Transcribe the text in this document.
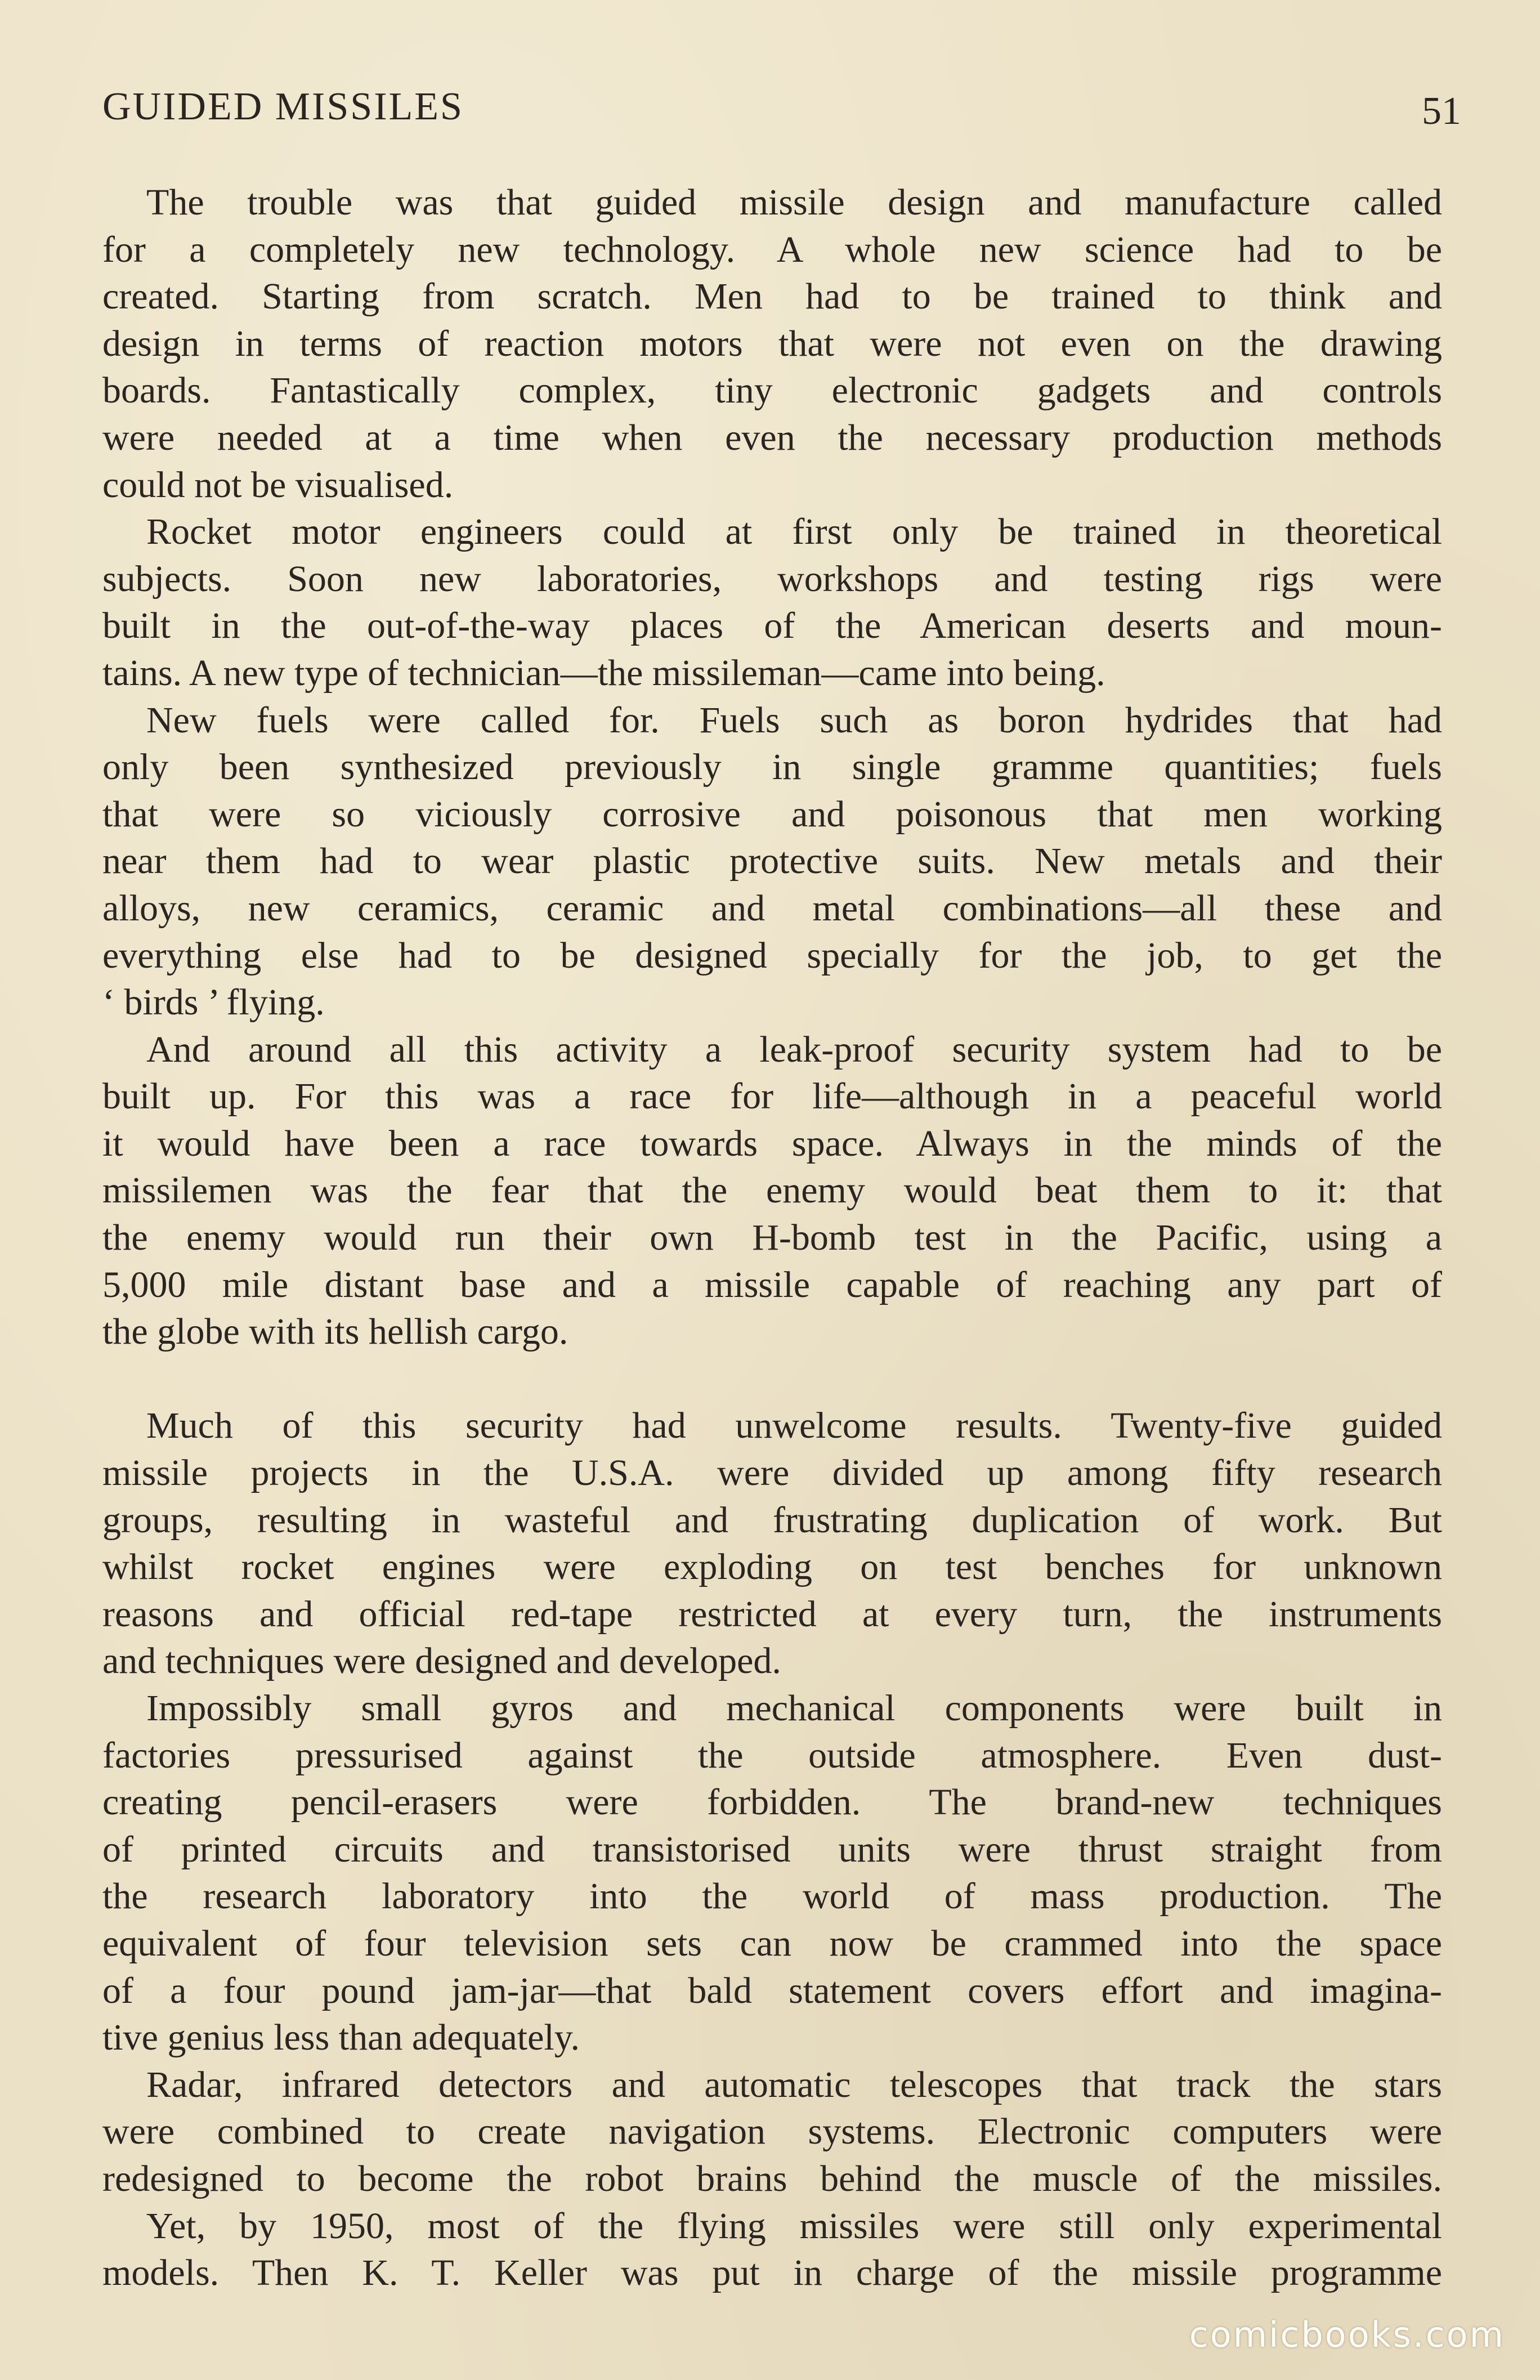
GUIDED MISSILES	51
The trouble was that guided missile design and manufacture called
for a completely new technology. A whole new science had to be
created. Starting from scratch. Men had to be trained to think and
design in terms of reaction motors that were not even on the drawing
boards. Fantastically complex, tiny electronic gadgets and controls
were needed at a time when even the necessary production methods
could not be visualised.
Rocket motor engineers could at first only be trained in theoretical
subjects. Soon new laboratories, workshops and testing rigs were
built in the out-of-the-way places of the American deserts and moun-
tains. A new type of technician—the missileman—came into being.
New fuels were called for. Fuels such as boron hydrides that had
only been synthesized previously in single gramme quantities; fuels
that were so viciously corrosive and poisonous that men working
near them had to wear plastic protective suits. New metals and their
alloys, new ceramics, ceramic and metal combinations—all these and
everything else had to be designed specially for the job, to get the
‘ birds ’ flying.
And around all this activity a leak-proof security system had to be
built up. For this was a race for life—although in a peaceful world
it would have been a race towards space. Always in the minds of the
missilemen was the fear that the enemy would beat them to it: that
the enemy would run their own H-bomb test in the Pacific, using a
5,000 mile distant base and a missile capable of reaching any part of
the globe with its hellish cargo.
Much of this security had unwelcome results. Twenty-five guided
missile projects in the U.S.A. were divided up among fifty research
groups, resulting in wasteful and frustrating duplication of work. But
whilst rocket engines were exploding on test benches for unknown
reasons and official red-tape restricted at every turn, the instruments
and techniques were designed and developed.
Impossibly small gyros and mechanical components were built in
factories pressurised against the outside atmosphere. Even dust-
creating pencil-erasers were forbidden. The brand-new techniques
of printed circuits and transistorised units were thrust straight from
the research laboratory into the world of mass production. The
equivalent of four television sets can now be crammed into the space
of a four pound jam-jar—that bald statement covers effort and imagina-
tive genius less than adequately.
Radar, infrared detectors and automatic telescopes that track the stars
were combined to create navigation systems. Electronic computers were
redesigned to become the robot brains behind the muscle of the missiles.
Yet, by 1950, most of the flying missiles were still only experimental
models. Then K. T. Keller was put in charge of the missile programme
comicbooks.com
